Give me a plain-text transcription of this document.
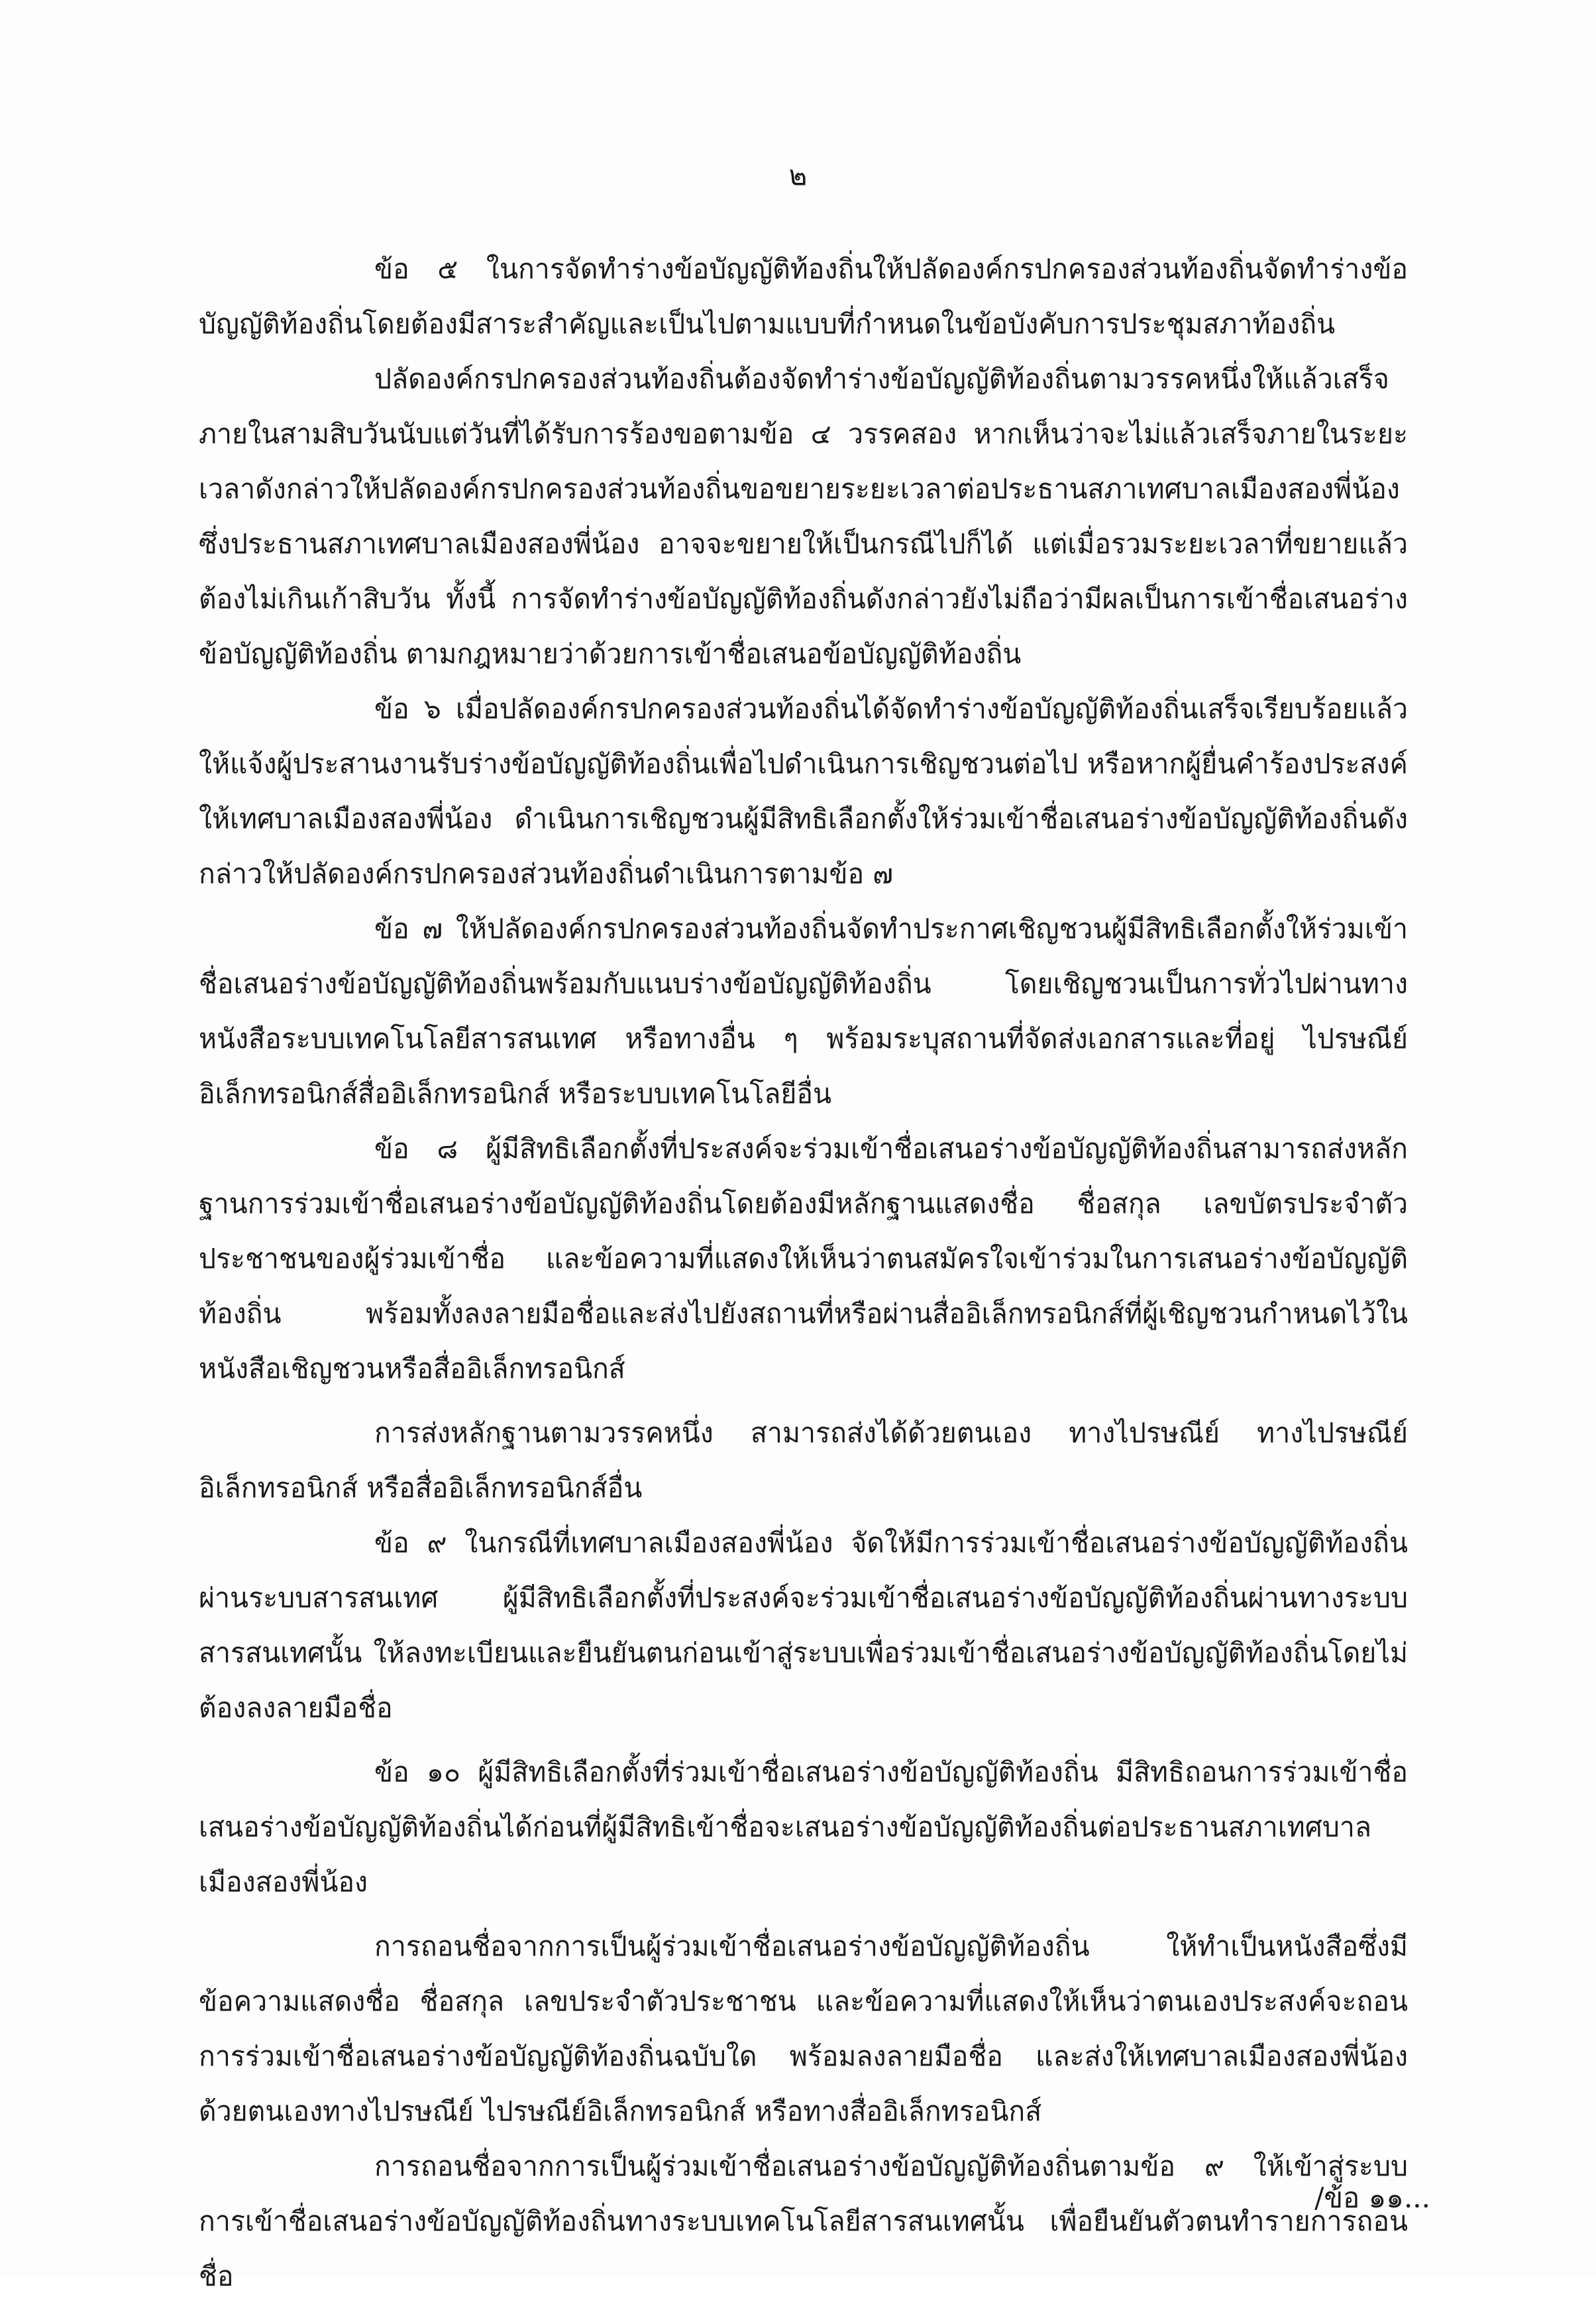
๒

ข้อ ๕ ในการจัดทำร่างข้อบัญญัติท้องถิ่นให้ปลัดองค์กรปกครองส่วนท้องถิ่นจัดทำร่างข้อบัญญัติท้องถิ่นโดยต้องมีสาระสำคัญและเป็นไปตามแบบที่กำหนดในข้อบังคับการประชุมสภาท้องถิ่น

ปลัดองค์กรปกครองส่วนท้องถิ่นต้องจัดทำร่างข้อบัญญัติท้องถิ่นตามวรรคหนึ่งให้แล้วเสร็จภายในสามสิบวันนับแต่วันที่ได้รับการร้องขอตามข้อ ๔ วรรคสอง หากเห็นว่าจะไม่แล้วเสร็จภายในระยะเวลาดังกล่าวให้ปลัดองค์กรปกครองส่วนท้องถิ่นขอขยายระยะเวลาต่อประธานสภาเทศบาลเมืองสองพี่น้องซึ่งประธานสภาเทศบาลเมืองสองพี่น้อง อาจจะขยายให้เป็นกรณีไปก็ได้ แต่เมื่อรวมระยะเวลาที่ขยายแล้วต้องไม่เกินเก้าสิบวัน ทั้งนี้ การจัดทำร่างข้อบัญญัติท้องถิ่นดังกล่าวยังไม่ถือว่ามีผลเป็นการเข้าชื่อเสนอร่างข้อบัญญัติท้องถิ่น ตามกฎหมายว่าด้วยการเข้าชื่อเสนอข้อบัญญัติท้องถิ่น

ข้อ ๖ เมื่อปลัดองค์กรปกครองส่วนท้องถิ่นได้จัดทำร่างข้อบัญญัติท้องถิ่นเสร็จเรียบร้อยแล้วให้แจ้งผู้ประสานงานรับร่างข้อบัญญัติท้องถิ่นเพื่อไปดำเนินการเชิญชวนต่อไป หรือหากผู้ยื่นคำร้องประสงค์ให้เทศบาลเมืองสองพี่น้อง ดำเนินการเชิญชวนผู้มีสิทธิเลือกตั้งให้ร่วมเข้าชื่อเสนอร่างข้อบัญญัติท้องถิ่นดังกล่าวให้ปลัดองค์กรปกครองส่วนท้องถิ่นดำเนินการตามข้อ ๗

ข้อ ๗ ให้ปลัดองค์กรปกครองส่วนท้องถิ่นจัดทำประกาศเชิญชวนผู้มีสิทธิเลือกตั้งให้ร่วมเข้าชื่อเสนอร่างข้อบัญญัติท้องถิ่นพร้อมกับแนบร่างข้อบัญญัติท้องถิ่น โดยเชิญชวนเป็นการทั่วไปผ่านทางหนังสือระบบเทคโนโลยีสารสนเทศ หรือทางอื่น ๆ พร้อมระบุสถานที่จัดส่งเอกสารและที่อยู่ ไปรษณีย์อิเล็กทรอนิกส์สื่ออิเล็กทรอนิกส์ หรือระบบเทคโนโลยีอื่น

ข้อ ๘ ผู้มีสิทธิเลือกตั้งที่ประสงค์จะร่วมเข้าชื่อเสนอร่างข้อบัญญัติท้องถิ่นสามารถส่งหลักฐานการร่วมเข้าชื่อเสนอร่างข้อบัญญัติท้องถิ่นโดยต้องมีหลักฐานแสดงชื่อ ชื่อสกุล เลขบัตรประจำตัวประชาชนของผู้ร่วมเข้าชื่อ และข้อความที่แสดงให้เห็นว่าตนสมัครใจเข้าร่วมในการเสนอร่างข้อบัญญัติท้องถิ่น พร้อมทั้งลงลายมือชื่อและส่งไปยังสถานที่หรือผ่านสื่ออิเล็กทรอนิกส์ที่ผู้เชิญชวนกำหนดไว้ในหนังสือเชิญชวนหรือสื่ออิเล็กทรอนิกส์

การส่งหลักฐานตามวรรคหนึ่ง สามารถส่งได้ด้วยตนเอง ทางไปรษณีย์ ทางไปรษณีย์อิเล็กทรอนิกส์ หรือสื่ออิเล็กทรอนิกส์อื่น

ข้อ ๙ ในกรณีที่เทศบาลเมืองสองพี่น้อง จัดให้มีการร่วมเข้าชื่อเสนอร่างข้อบัญญัติท้องถิ่นผ่านระบบสารสนเทศ ผู้มีสิทธิเลือกตั้งที่ประสงค์จะร่วมเข้าชื่อเสนอร่างข้อบัญญัติท้องถิ่นผ่านทางระบบสารสนเทศนั้น ให้ลงทะเบียนและยืนยันตนก่อนเข้าสู่ระบบเพื่อร่วมเข้าชื่อเสนอร่างข้อบัญญัติท้องถิ่นโดยไม่ต้องลงลายมือชื่อ

ข้อ ๑๐ ผู้มีสิทธิเลือกตั้งที่ร่วมเข้าชื่อเสนอร่างข้อบัญญัติท้องถิ่น มีสิทธิถอนการร่วมเข้าชื่อเสนอร่างข้อบัญญัติท้องถิ่นได้ก่อนที่ผู้มีสิทธิเข้าชื่อจะเสนอร่างข้อบัญญัติท้องถิ่นต่อประธานสภาเทศบาลเมืองสองพี่น้อง

การถอนชื่อจากการเป็นผู้ร่วมเข้าชื่อเสนอร่างข้อบัญญัติท้องถิ่น ให้ทำเป็นหนังสือซึ่งมีข้อความแสดงชื่อ ชื่อสกุล เลขประจำตัวประชาชน และข้อความที่แสดงให้เห็นว่าตนเองประสงค์จะถอนการร่วมเข้าชื่อเสนอร่างข้อบัญญัติท้องถิ่นฉบับใด พร้อมลงลายมือชื่อ และส่งให้เทศบาลเมืองสองพี่น้องด้วยตนเองทางไปรษณีย์ ไปรษณีย์อิเล็กทรอนิกส์ หรือทางสื่ออิเล็กทรอนิกส์

การถอนชื่อจากการเป็นผู้ร่วมเข้าชื่อเสนอร่างข้อบัญญัติท้องถิ่นตามข้อ ๙ ให้เข้าสู่ระบบการเข้าชื่อเสนอร่างข้อบัญญัติท้องถิ่นทางระบบเทคโนโลยีสารสนเทศนั้น เพื่อยืนยันตัวตนทำรายการถอนชื่อ

/ข้อ ๑๑...
